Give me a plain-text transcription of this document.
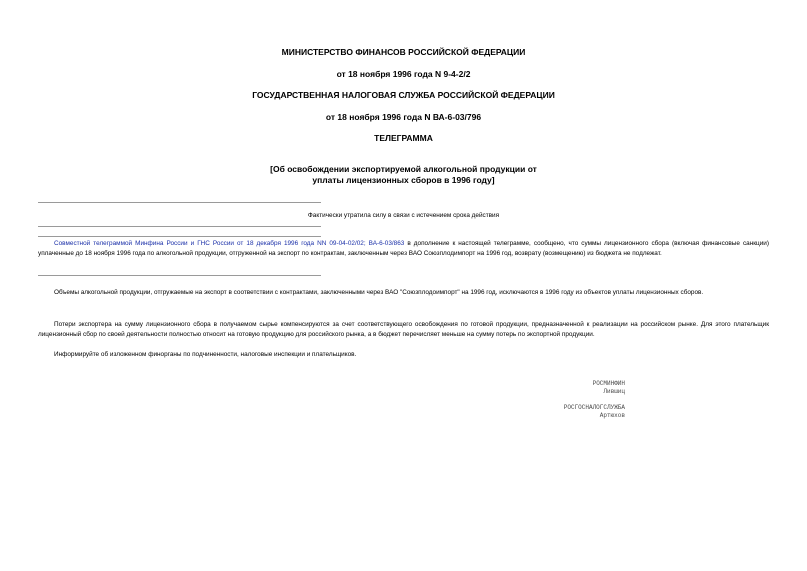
МИНИСТЕРСТВО ФИНАНСОВ РОССИЙСКОЙ ФЕДЕРАЦИИ
от 18 ноября 1996 года N 9-4-2/2
ГОСУДАРСТВЕННАЯ НАЛОГОВАЯ СЛУЖБА РОССИЙСКОЙ ФЕДЕРАЦИИ
от 18 ноября 1996 года N ВА-6-03/796
ТЕЛЕГРАММА
[Об освобождении экспортируемой алкогольной продукции от
уплаты лицензионных сборов в 1996 году]
Фактически утратила силу в связи с истечением срока действия

Совместной телеграммой Минфина России и ГНС России от 18 декабря 1996 года NN 09-04-02/02; ВА-6-03/863 в дополнение к настоящей телеграмме, сообщено, что суммы лицензионного сбора (включая финансовые санкции) уплаченные до 18 ноября 1996 года по алкогольной продукции, отгруженной на экспорт по контрактам, заключенным через ВАО Союзплодимпорт на 1996 год, возврату (возмещению) из бюджета не подлежат.

Объемы алкогольной продукции, отгружаемые на экспорт в соответствии с контрактами, заключенными через ВАО "Союзплодоимпорт" на 1996 год, исключаются в 1996 году из объектов уплаты лицензионных сборов.

Потери экспортера на сумму лицензионного сбора в получаемом сырье компенсируются за счет соответствующего освобождения по готовой продукции, предназначенной к реализации на российском рынке. Для этого плательщик лицензионный сбор по своей деятельности полностью относит на готовую продукцию для российского рынка, а в бюджет перечисляет меньше на сумму потерь по экспортной продукции.

Информируйте об изложенном финорганы по подчиненности, налоговые инспекции и плательщиков.

РОСМИНФИН
Лившиц
РОСГОСНАЛОГСЛУЖБА
Артюхов
